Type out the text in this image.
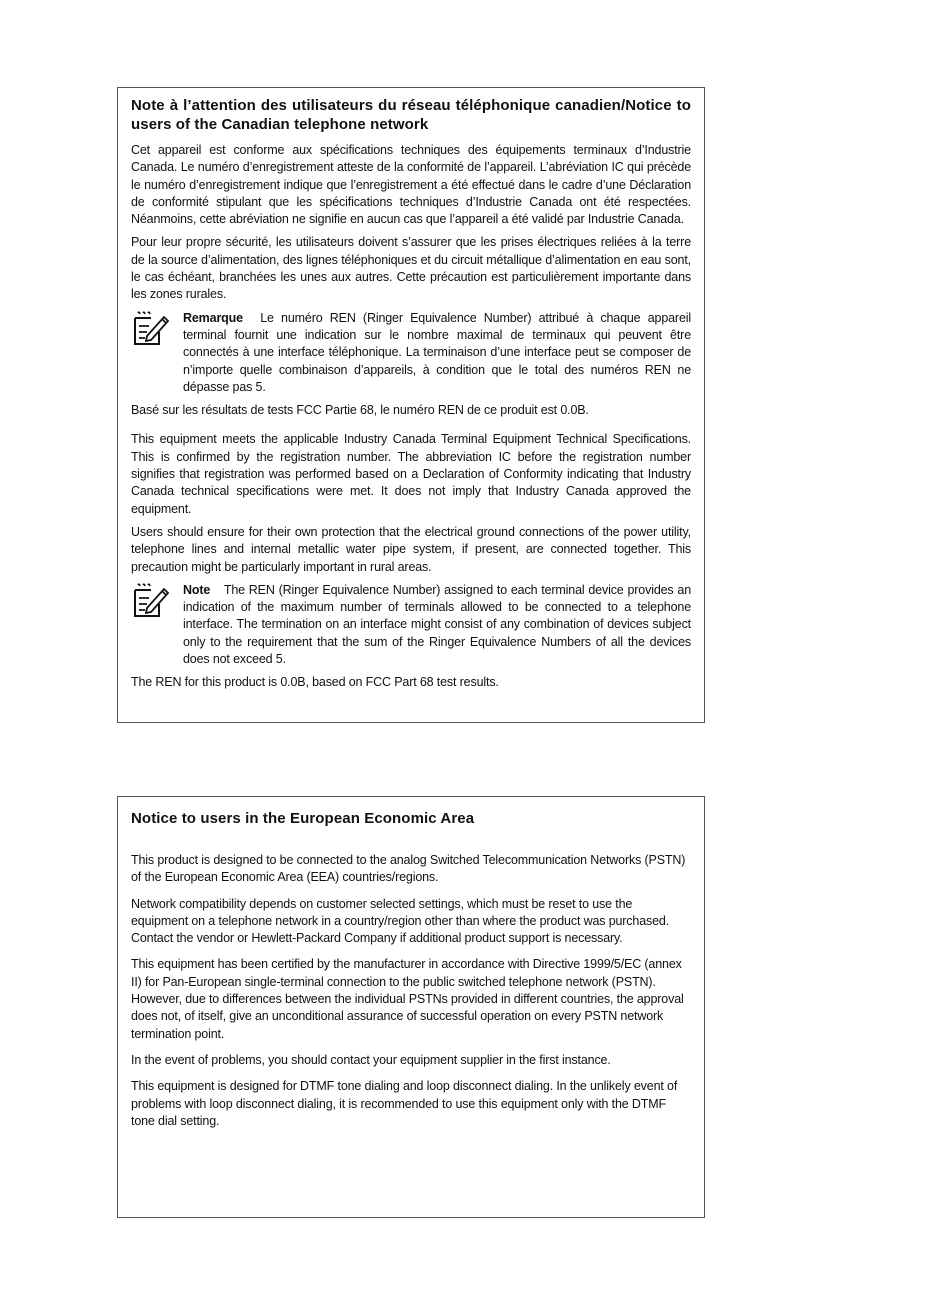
Note à l’attention des utilisateurs du réseau téléphonique canadien/Notice to users of the Canadian telephone network
Cet appareil est conforme aux spécifications techniques des équipements terminaux d’Industrie Canada. Le numéro d’enregistrement atteste de la conformité de l’appareil. L’abréviation IC qui précède le numéro d’enregistrement indique que l’enregistrement a été effectué dans le cadre d’une Déclaration de conformité stipulant que les spécifications techniques d’Industrie Canada ont été respectées. Néanmoins, cette abréviation ne signifie en aucun cas que l’appareil a été validé par Industrie Canada.
Pour leur propre sécurité, les utilisateurs doivent s’assurer que les prises électriques reliées à la terre de la source d’alimentation, des lignes téléphoniques et du circuit métallique d’alimentation en eau sont, le cas échéant, branchées les unes aux autres. Cette précaution est particulièrement importante dans les zones rurales.
Remarque Le numéro REN (Ringer Equivalence Number) attribué à chaque appareil terminal fournit une indication sur le nombre maximal de terminaux qui peuvent être connectés à une interface téléphonique. La terminaison d’une interface peut se composer de n’importe quelle combinaison d’appareils, à condition que le total des numéros REN ne dépasse pas 5.
Basé sur les résultats de tests FCC Partie 68, le numéro REN de ce produit est 0.0B.
This equipment meets the applicable Industry Canada Terminal Equipment Technical Specifications. This is confirmed by the registration number. The abbreviation IC before the registration number signifies that registration was performed based on a Declaration of Conformity indicating that Industry Canada technical specifications were met. It does not imply that Industry Canada approved the equipment.
Users should ensure for their own protection that the electrical ground connections of the power utility, telephone lines and internal metallic water pipe system, if present, are connected together. This precaution might be particularly important in rural areas.
Note The REN (Ringer Equivalence Number) assigned to each terminal device provides an indication of the maximum number of terminals allowed to be connected to a telephone interface. The termination on an interface might consist of any combination of devices subject only to the requirement that the sum of the Ringer Equivalence Numbers of all the devices does not exceed 5.
The REN for this product is 0.0B, based on FCC Part 68 test results.
Notice to users in the European Economic Area
This product is designed to be connected to the analog Switched Telecommunication Networks (PSTN) of the European Economic Area (EEA) countries/regions.
Network compatibility depends on customer selected settings, which must be reset to use the equipment on a telephone network in a country/region other than where the product was purchased. Contact the vendor or Hewlett-Packard Company if additional product support is necessary.
This equipment has been certified by the manufacturer in accordance with Directive 1999/5/EC (annex II) for Pan-European single-terminal connection to the public switched telephone network (PSTN). However, due to differences between the individual PSTNs provided in different countries, the approval does not, of itself, give an unconditional assurance of successful operation on every PSTN network termination point.
In the event of problems, you should contact your equipment supplier in the first instance.
This equipment is designed for DTMF tone dialing and loop disconnect dialing. In the unlikely event of problems with loop disconnect dialing, it is recommended to use this equipment only with the DTMF tone dial setting.
